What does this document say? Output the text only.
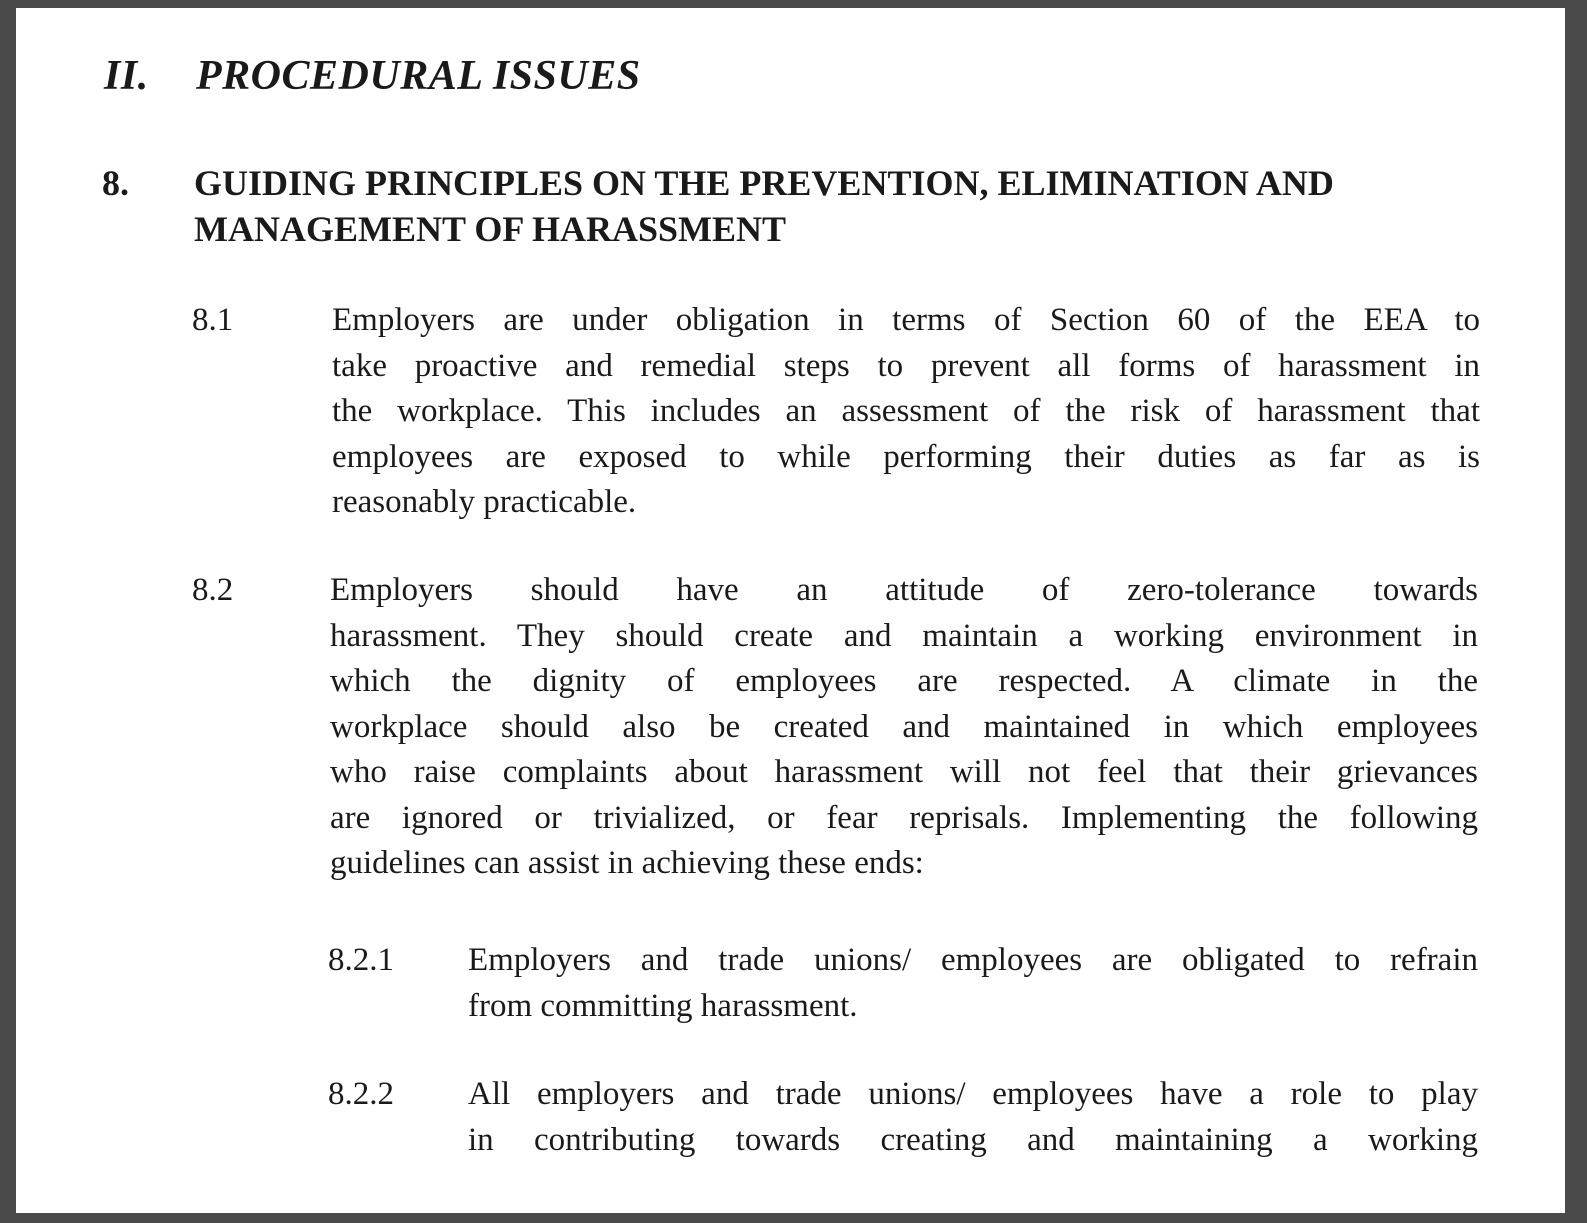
II. PROCEDURAL ISSUES
8. GUIDING PRINCIPLES ON THE PREVENTION, ELIMINATION AND
MANAGEMENT OF HARASSMENT
8.1	Employers are under obligation in terms of Section 60 of the EEA to
take proactive and remedial steps to prevent all forms of harassment in
the workplace. This includes an assessment of the risk of harassment that
employees are exposed to while performing their duties as far as is
reasonably practicable.
8.2	Employers should have an attitude of zero-tolerance towards
harassment. They should create and maintain a working environment in
which the dignity of employees are respected. A climate in the
workplace should also be created and maintained in which employees
who raise complaints about harassment will not feel that their grievances
are ignored or trivialized, or fear reprisals. Implementing the following
guidelines can assist in achieving these ends:
8.2.1 Employers and trade unions/ employees are obligated to refrain
from committing harassment.
8.2.2 All employers and trade unions/ employees have a role to play
in contributing towards creating and maintaining a working
